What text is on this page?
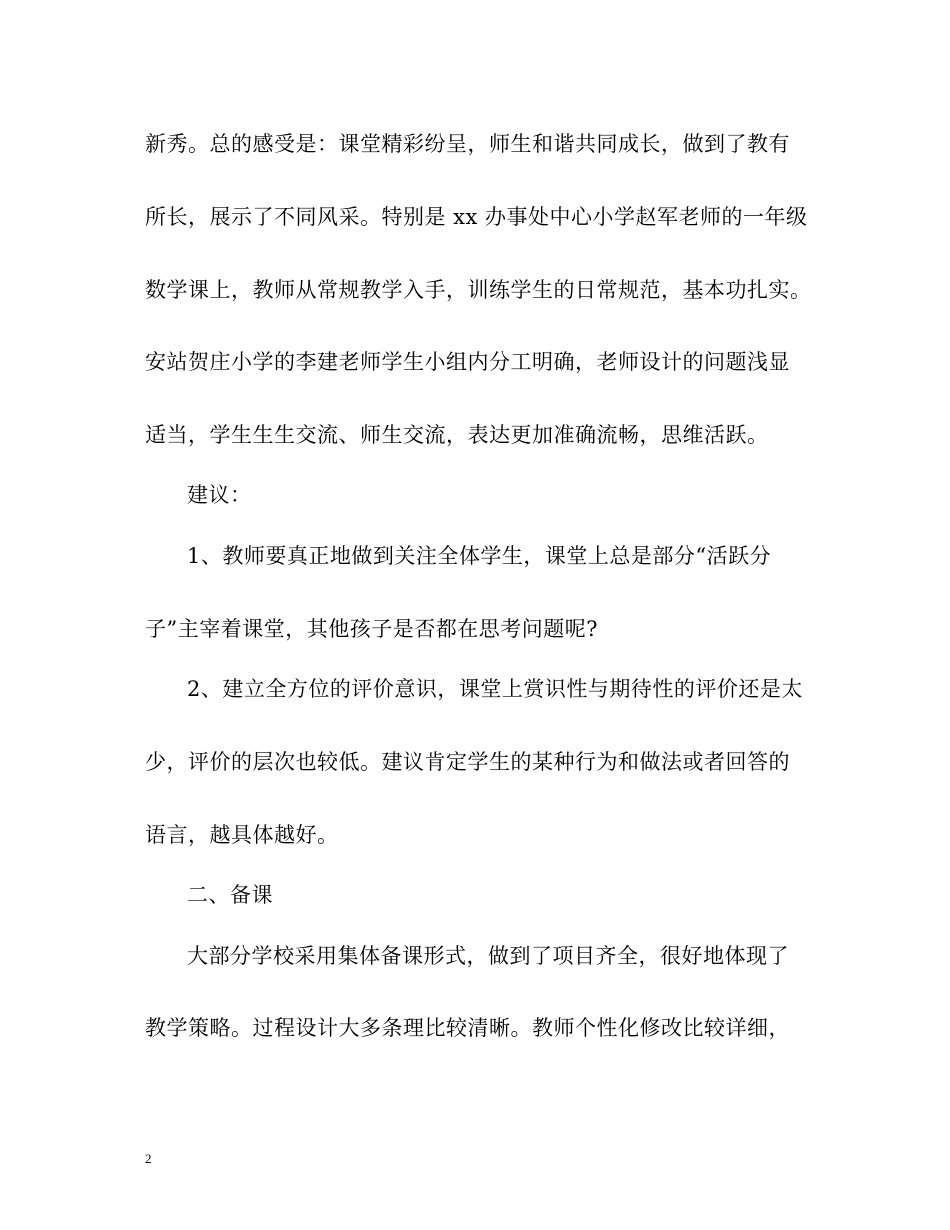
新秀。总的感受是：课堂精彩纷呈，师生和谐共同成长，做到了教有
所长，展示了不同风采。特别是 xx 办事处中心小学赵军老师的一年级
数学课上，教师从常规教学入手，训练学生的日常规范，基本功扎实。
安站贺庄小学的李建老师学生小组内分工明确，老师设计的问题浅显
适当，学生生生交流、师生交流，表达更加准确流畅，思维活跃。
建议：
1、教师要真正地做到关注全体学生，课堂上总是部分“活跃分
子”主宰着课堂，其他孩子是否都在思考问题呢?
2、建立全方位的评价意识，课堂上赏识性与期待性的评价还是太
少，评价的层次也较低。建议肯定学生的某种行为和做法或者回答的
语言，越具体越好。
二、备课
大部分学校采用集体备课形式，做到了项目齐全，很好地体现了
教学策略。过程设计大多条理比较清晰。教师个性化修改比较详细，
2
